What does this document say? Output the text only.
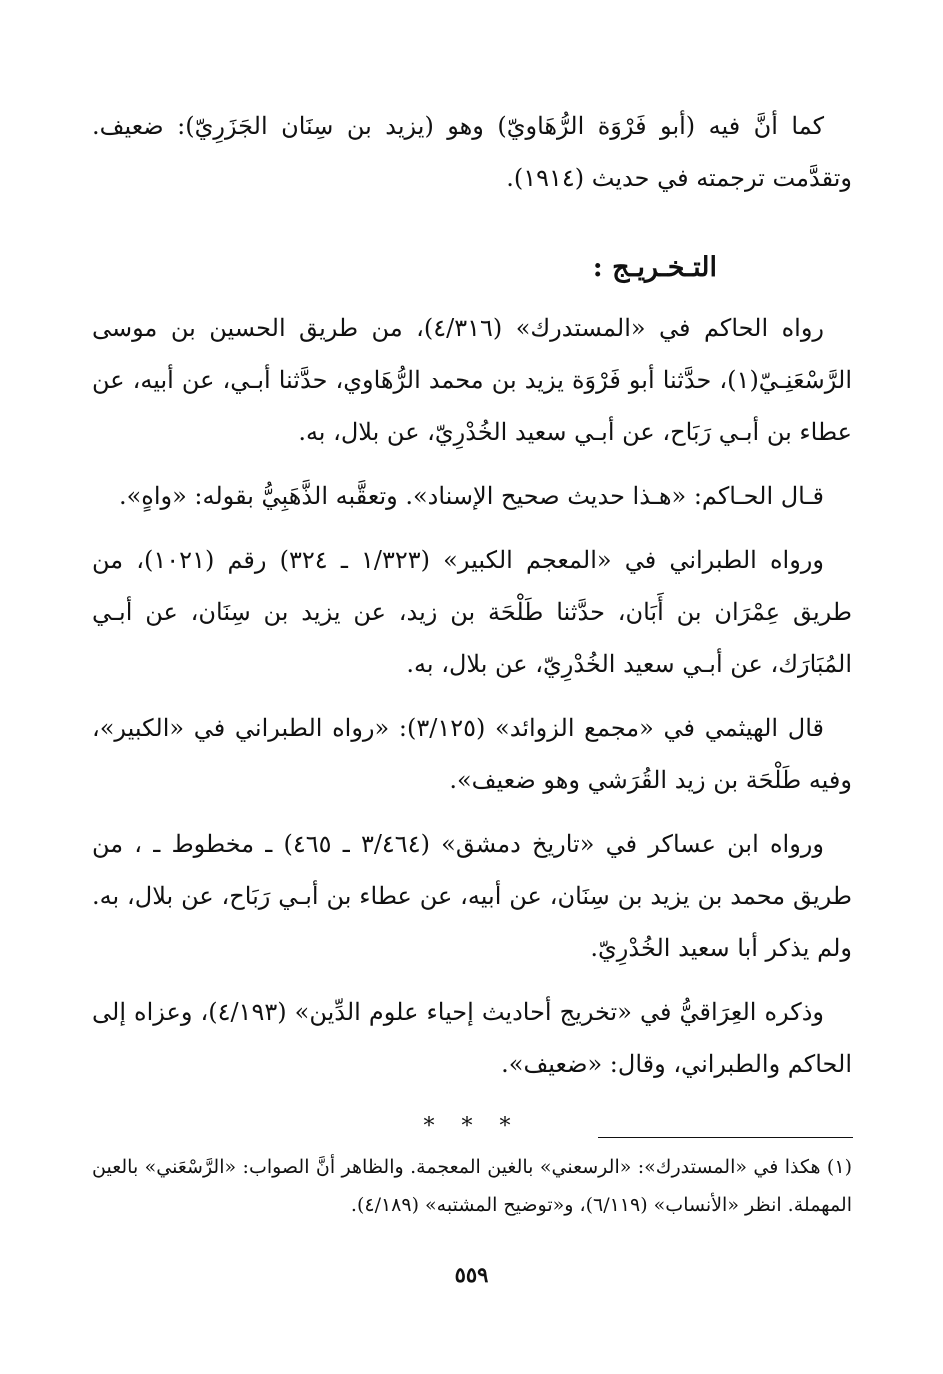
كما أنَّ فيه (أبو فَرْوَة الرُّهَاويّ) وهو (يزيد بن سِنَان الجَزَرِيّ): ضعيف. وتقدَّمت ترجمته في حديث (١٩١٤).

التـخـريـج :

رواه الحاكم في «المستدرك» (٤/٣١٦)، من طريق الحسين بن موسى الرَّسْعَنِـيّ(١)، حدَّثنا أبو فَرْوَة يزيد بن محمد الرُّهَاوي، حدَّثنا أبـي، عن أبيه، عن عطاء بن أبـي رَبَاح، عن أبـي سعيد الخُدْرِيّ، عن بلال، به.

قـال الحـاكم: «هـذا حديث صحيح الإسناد». وتعقَّبه الذَّهَبِيُّ بقوله: «واهٍ».

ورواه الطبراني في «المعجم الكبير» (١/٣٢٣ ـ ٣٢٤) رقم (١٠٢١)، من طريق عِمْرَان بن أَبَان، حدَّثنا طَلْحَة بن زيد، عن يزيد بن سِنَان، عن أبـي المُبَارَك، عن أبـي سعيد الخُدْرِيّ، عن بلال، به.

قال الهيثمي في «مجمع الزوائد» (٣/١٢٥): «رواه الطبراني في «الكبير»، وفيه طَلْحَة بن زيد القُرَشي وهو ضعيف».

ورواه ابن عساكر في «تاريخ دمشق» (٣/٤٦٤ ـ ٤٦٥) ـ مخطوط ـ ، من طريق محمد بن يزيد بن سِنَان، عن أبيه، عن عطاء بن أبـي رَبَاح، عن بلال، به. ولم يذكر أبا سعيد الخُدْرِيّ.

وذكره العِرَاقيُّ في «تخريج أحاديث إحياء علوم الدِّين» (٤/١٩٣)، وعزاه إلى الحاكم والطبراني، وقال: «ضعيف».

* * *
(١) هكذا في «المستدرك»: «الرسعني» بالغين المعجمة. والظاهر أنَّ الصواب: «الرَّسْعَني» بالعين المهملة. انظر «الأنساب» (٦/١١٩)، و«توضيح المشتبه» (٤/١٨٩).
٥٥٩
